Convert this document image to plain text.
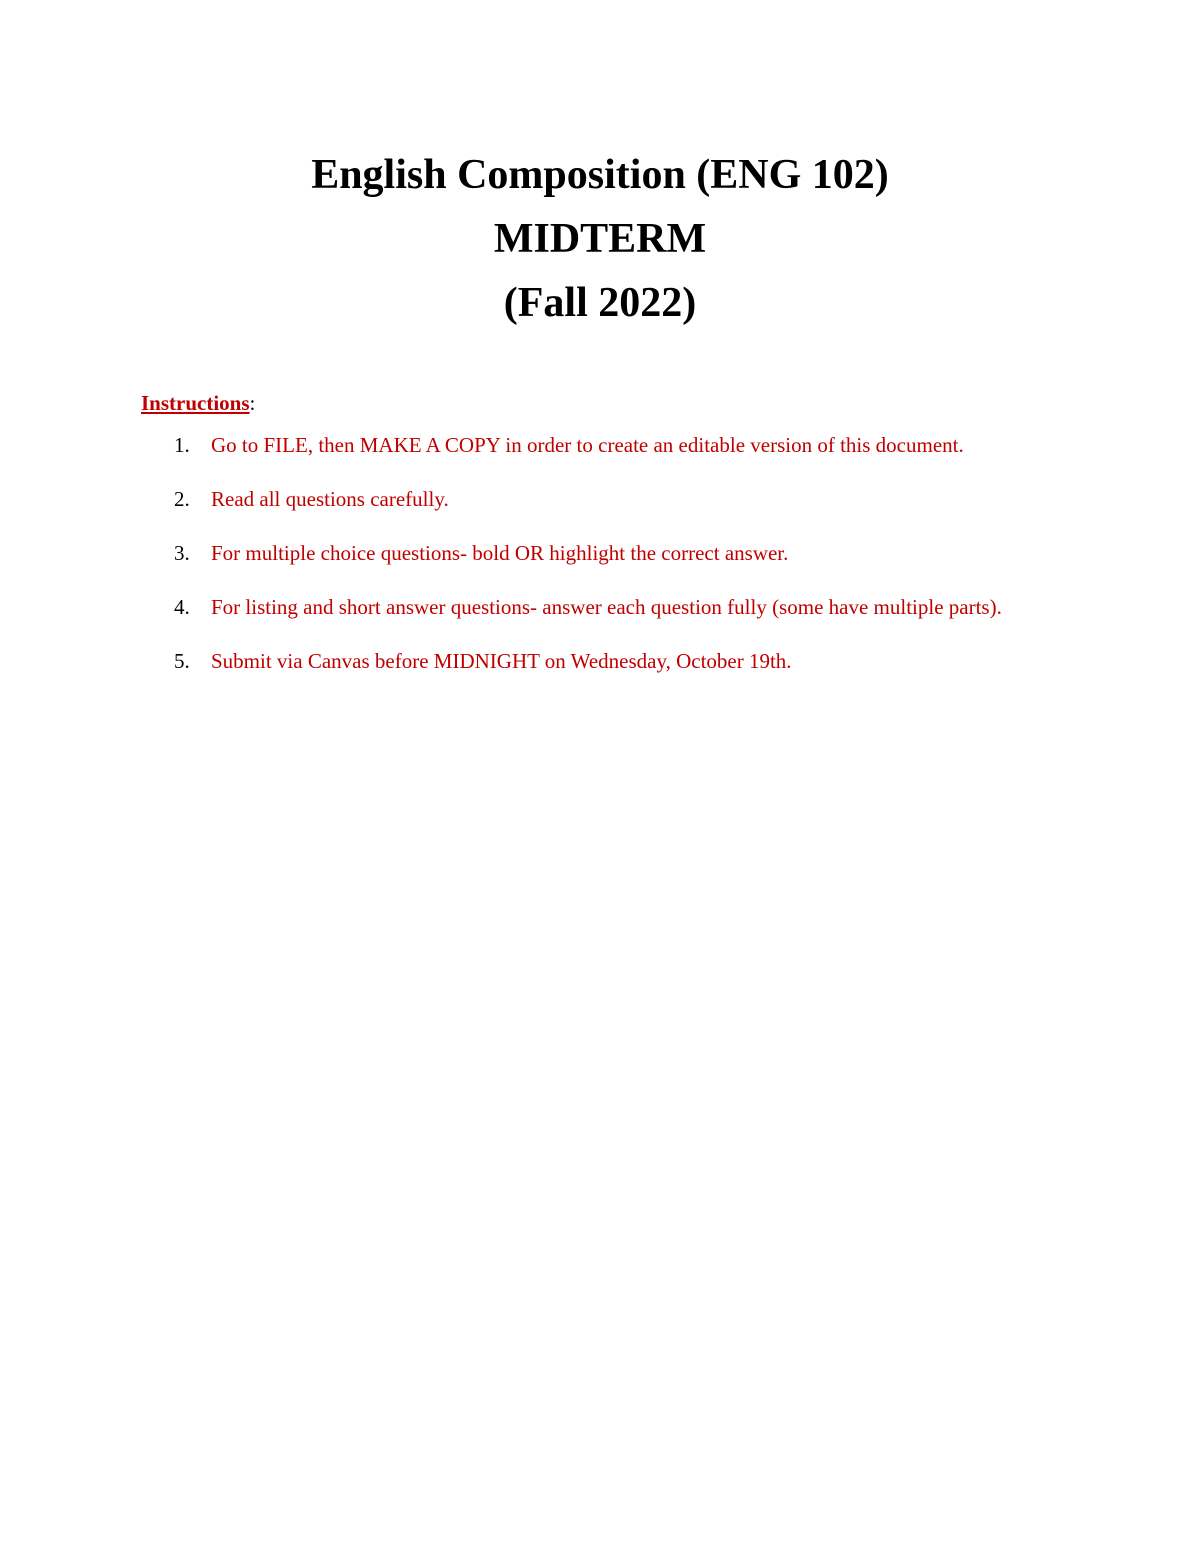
English Composition (ENG 102)

MIDTERM

(Fall 2022)

Instructions:

1. Go to FILE, then MAKE A COPY in order to create an editable version of this document.
2. Read all questions carefully.
3. For multiple choice questions- bold OR highlight the correct answer.
4. For listing and short answer questions- answer each question fully (some have multiple parts).
5. Submit via Canvas before MIDNIGHT on Wednesday, October 19th.
